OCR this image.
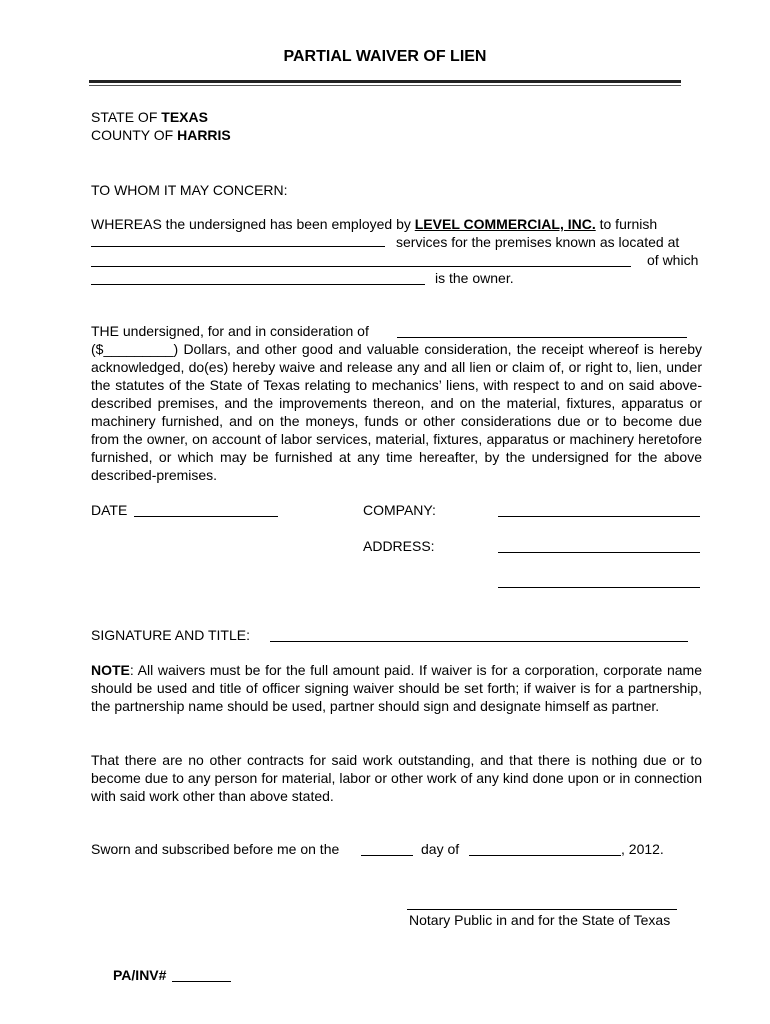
PARTIAL WAIVER OF LIEN
STATE OF TEXAS
COUNTY OF HARRIS
TO WHOM IT MAY CONCERN:
WHEREAS the undersigned has been employed by LEVEL COMMERCIAL, INC. to furnish
services for the premises known as located at
of which
is the owner.
THE undersigned, for and in consideration of
($_________) Dollars, and other good and valuable consideration, the receipt whereof is hereby acknowledged, do(es) hereby waive and release any and all lien or claim of, or right to, lien, under the statutes of the State of Texas relating to mechanics’ liens, with respect to and on said above-described premises, and the improvements thereon, and on the material, fixtures, apparatus or machinery furnished, and on the moneys, funds or other considerations due or to become due from the owner, on account of labor services, material, fixtures, apparatus or machinery heretofore furnished, or which may be furnished at any time hereafter, by the undersigned for the above described-premises.
DATE	COMPANY:
ADDRESS:
SIGNATURE AND TITLE:
NOTE: All waivers must be for the full amount paid. If waiver is for a corporation, corporate name should be used and title of officer signing waiver should be set forth; if waiver is for a partnership, the partnership name should be used, partner should sign and designate himself as partner.
That there are no other contracts for said work outstanding, and that there is nothing due or to become due to any person for material, labor or other work of any kind done upon or in connection with said work other than above stated.
Sworn and subscribed before me on the	day of	, 2012.
Notary Public in and for the State of Texas
PA/INV#
